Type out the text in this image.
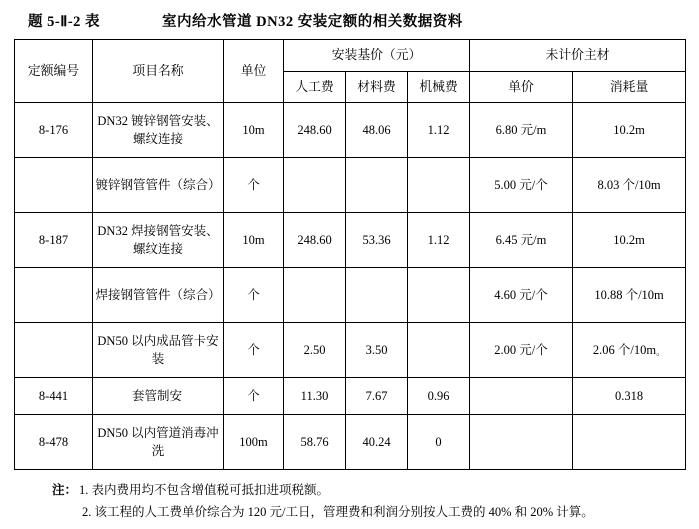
题 5-Ⅱ-2 表	室内给水管道 DN32 安装定额的相关数据资料
定额编号	项目名称	单位	安装基价（元）			未计价主材	
			人工费	材料费	机械费	单价	消耗量
8-176	DN32 镀锌钢管安装、螺纹连接	10m	248.60	48.06	1.12	6.80 元/m	10.2m
	镀锌钢管管件（综合）	个				5.00 元/个	8.03 个/10m
8-187	DN32 焊接钢管安装、螺纹连接	10m	248.60	53.36	1.12	6.45 元/m	10.2m
	焊接钢管管件（综合）	个				4.60 元/个	10.88 个/10m
	DN50 以内成品管卡安装	个	2.50	3.50		2.00 元/个	2.06 个/10m。
8-441	套管制安	个	11.30	7.67	0.96		0.318
8-478	DN50 以内管道消毒冲洗	100m	58.76	40.24	0		
注： 1. 表内费用均不包含增值税可抵扣进项税额。
2. 该工程的人工费单价综合为 120 元/工日，管理费和利润分别按人工费的 40% 和 20% 计算。
